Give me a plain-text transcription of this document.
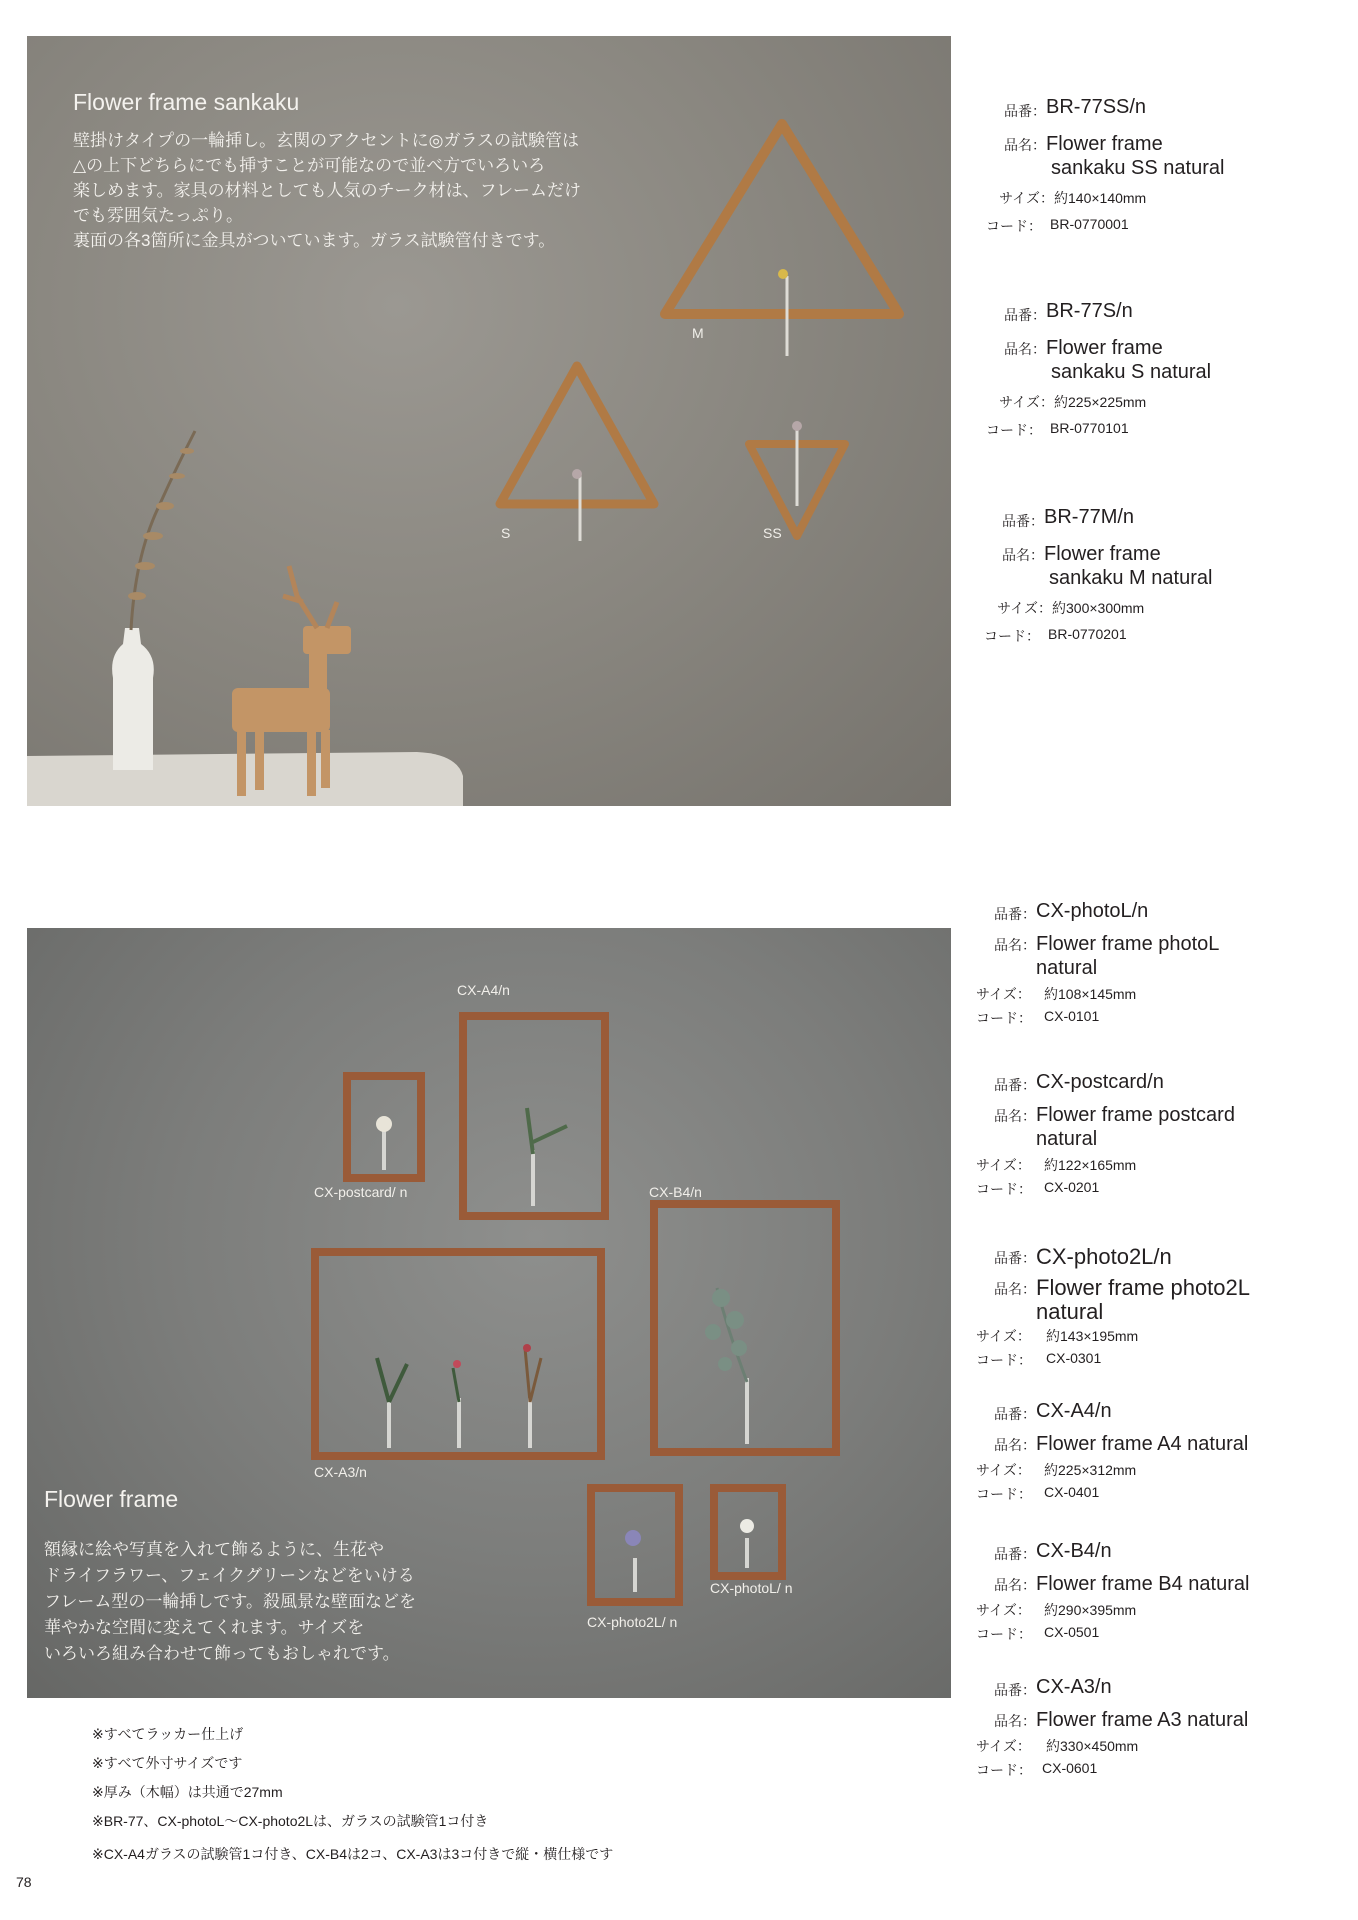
Flower frame sankaku

壁掛けタイプの一輪挿し。玄関のアクセントに◎ガラスの試験管は
△の上下どちらにでも挿すことが可能なので並べ方でいろいろ
楽しめます。家具の材料としても人気のチーク材は、フレームだけ
でも雰囲気たっぷり。
裏面の各3箇所に金具がついています。ガラス試験管付きです。

M
S	SS
品番： BR-77SS/n
品名： Flower frame
sankaku SS natural
サイズ： 約140×140mm
コード： BR-0770001
品番： BR-77S/n
品名： Flower frame
sankaku S natural
サイズ： 約225×225mm
コード： BR-0770101
品番： BR-77M/n
品名： Flower frame
sankaku M natural
サイズ： 約300×300mm
コード： BR-0770201
CX-A4/n
CX-postcard/ n	CX-B4/n
CX-A3/n
CX-photo2L/ n
CX-photoL/ n
Flower frame

額縁に絵や写真を入れて飾るように、生花や
ドライフラワー、フェイクグリーンなどをいける
フレーム型の一輪挿しです。殺風景な壁面などを
華やかな空間に変えてくれます。サイズを
いろいろ組み合わせて飾ってもおしゃれです。

品番： CX-photoL/n
品名： Flower frame photoL
natural
サイズ： 約108×145mm
コード： CX-0101
品番： CX-postcard/n
品名： Flower frame postcard
natural
サイズ： 約122×165mm
コード： CX-0201
品番： CX-photo2L/n
品名： Flower frame photo2L
natural
サイズ：	約143×195mm
コード：	CX-0301
品番： CX-A4/n
品名： Flower frame A4 natural
サイズ： 約225×312mm
コード： CX-0401
品番： CX-B4/n
品名： Flower frame B4 natural
サイズ： 約290×395mm
コード： CX-0501
品番： CX-A3/n
品名： Flower frame A3 natural
サイズ：	約330×450mm
コード： CX-0601
※すべてラッカー仕上げ
※すべて外寸サイズです
※厚み（木幅）は共通で27mm
※BR-77、CX-photoL〜CX-photo2Lは、ガラスの試験管1コ付き
※CX-A4ガラスの試験管1コ付き、CX-B4は2コ、CX-A3は3コ付きで縦・横仕様です
78
